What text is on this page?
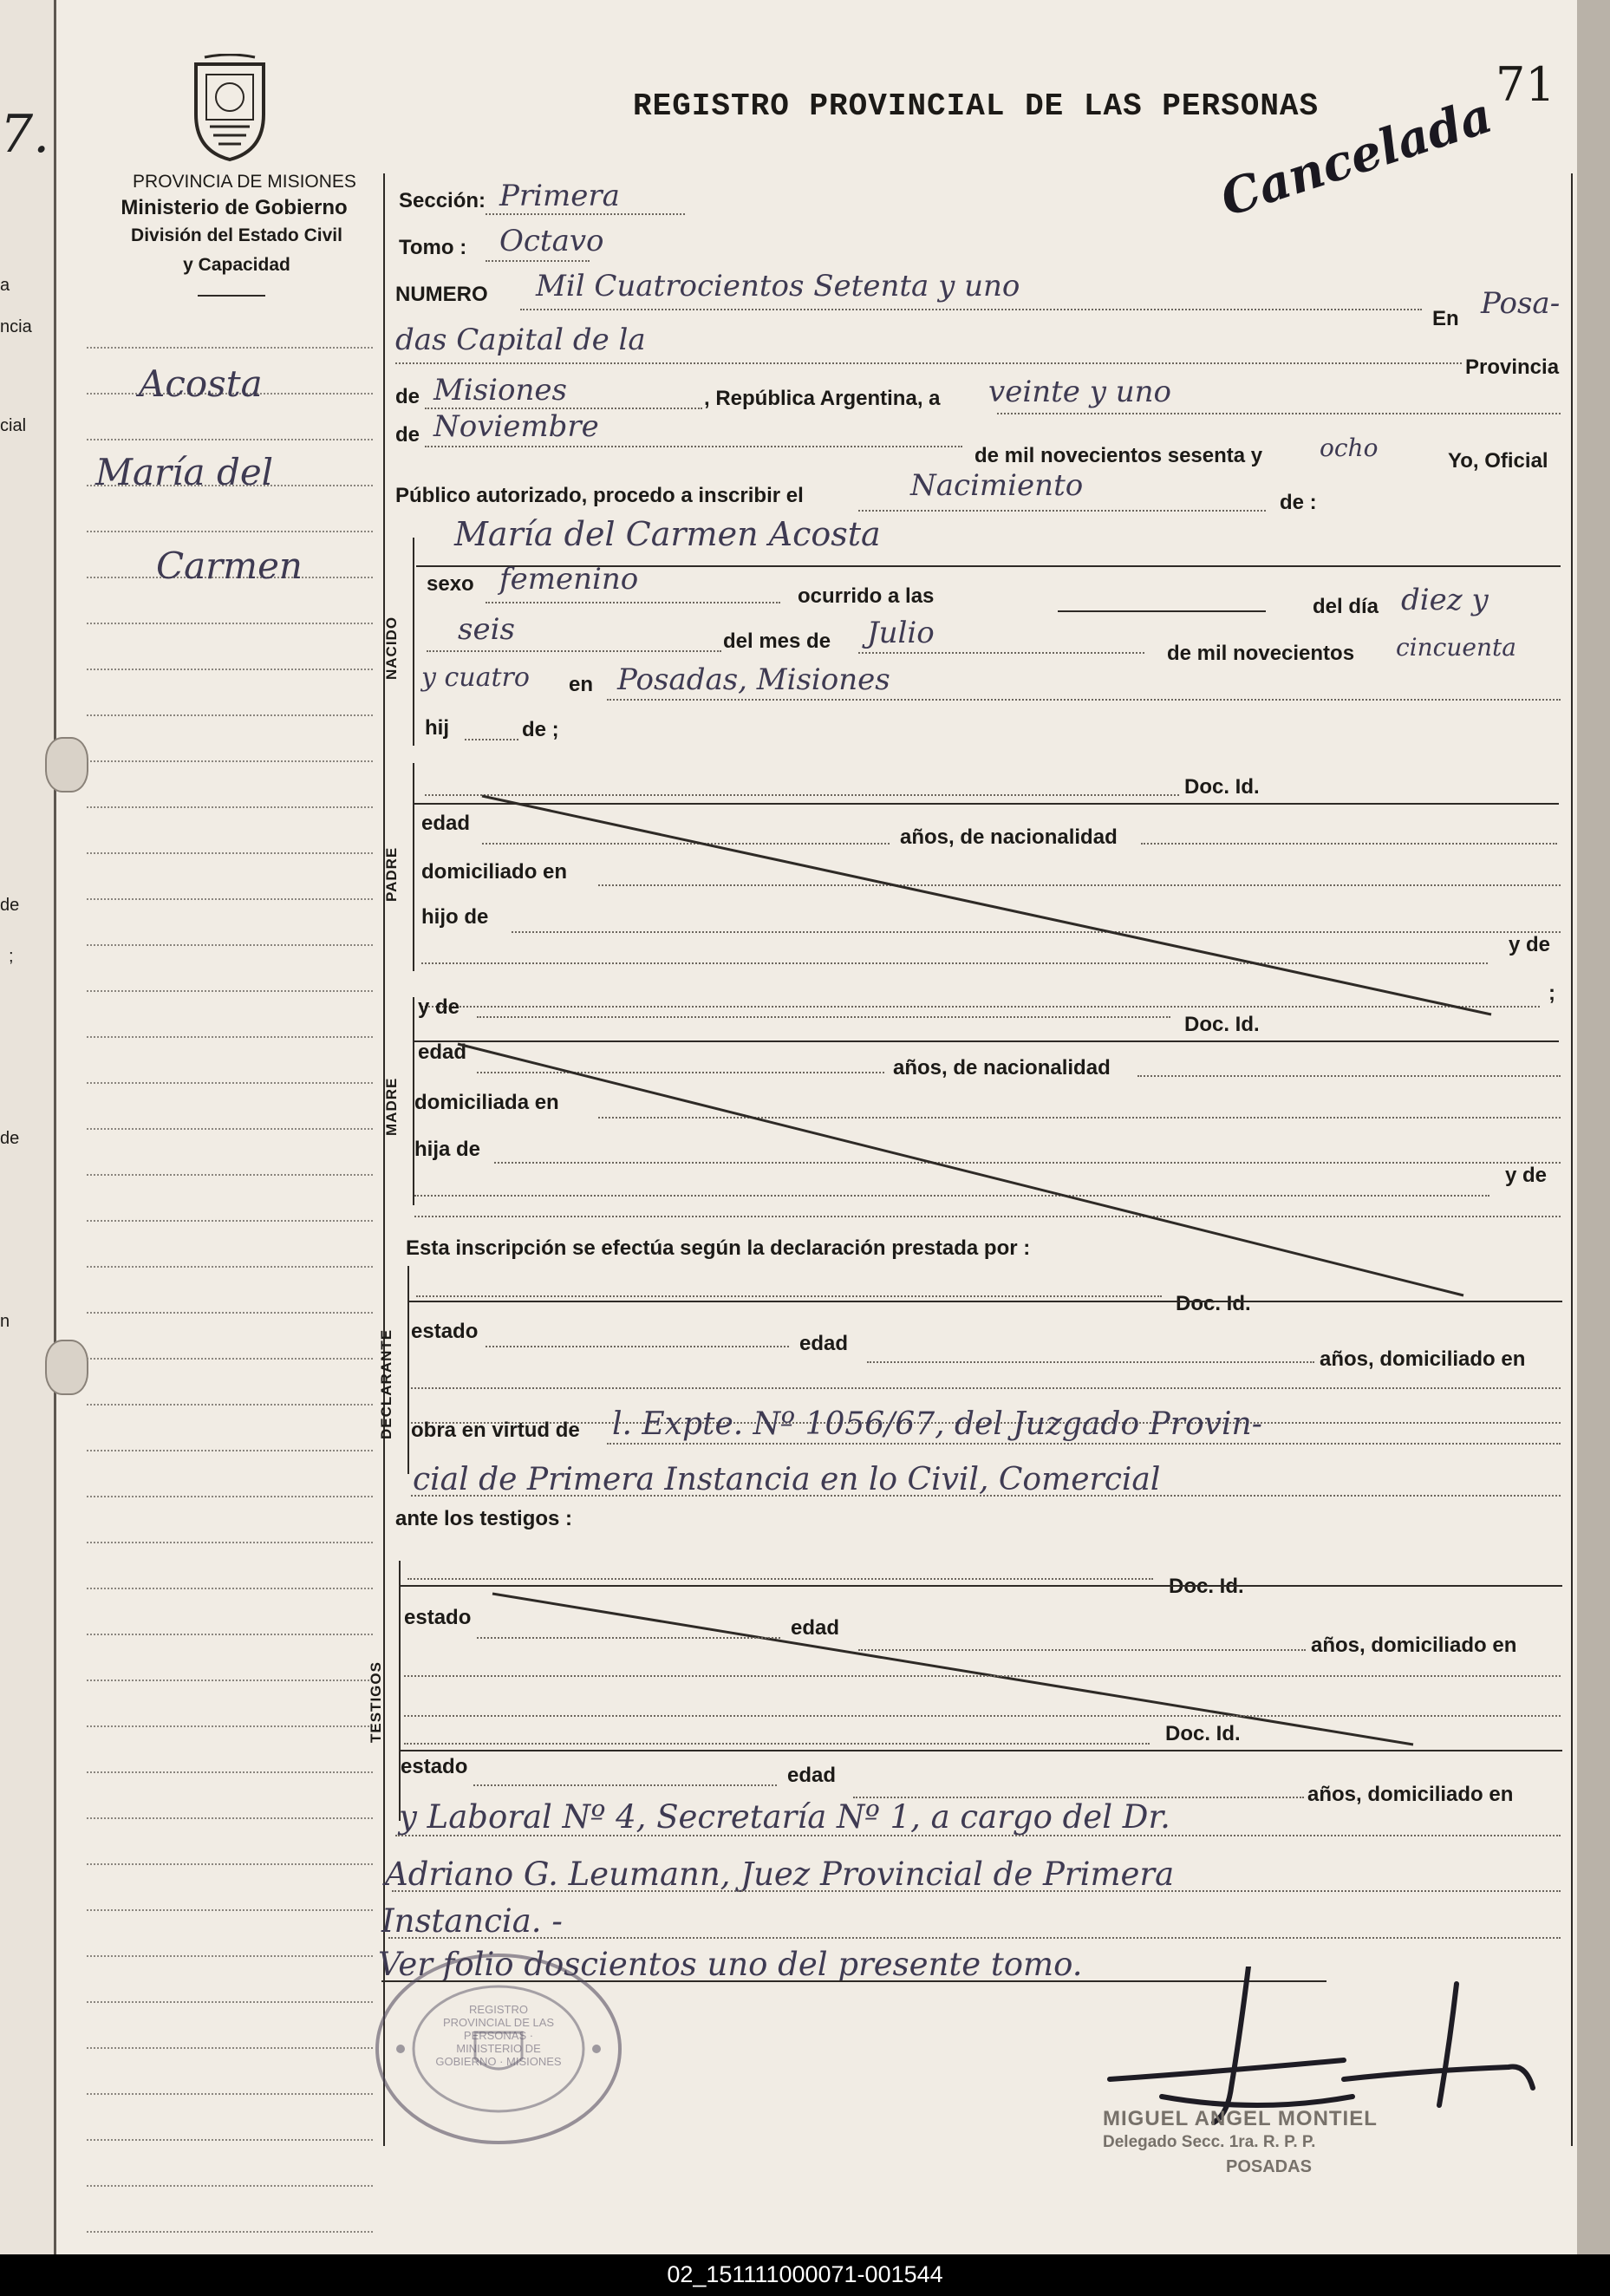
7.
a
ncia
cial
de
;
de
n
PROVINCIA DE MISIONES
Ministerio de Gobierno
División del Estado Civil
y Capacidad
Acosta
María del
Carmen
REGISTRO PROVINCIAL DE LAS PERSONAS	71
Cancelada
Sección: Primera
Tomo : Octavo
NUMERO Mil Cuatrocientos Setenta y uno
En Posa-
das Capital de la
Provincia
de Misiones	, República Argentina, a veinte y uno
de Noviembre
de mil novecientos sesenta y ocho	Yo, Oficial
Público autorizado, procedo a inscribir el	Nacimiento	de :
María del Carmen Acosta
NACIDO
sexo femenino	ocurrido a las	del día diez y
seis	del mes de Julio
de mil novecientos cincuenta
y cuatro en Posadas, Misiones
hij	de ;
PADRE
Doc. Id.
edad
años, de nacionalidad
domiciliado en
hijo de
y de
;
MADRE
y de
Doc. Id.
edad
años, de nacionalidad
domiciliada en
hija de
y de
Esta inscripción se efectúa según la declaración prestada por :
DECLARANTE
Doc. Id.
estado
edad
años, domiciliado en
obra en virtud de l. Expte. Nº 1056/67, del Juzgado Provin-
cial de Primera Instancia en lo Civil, Comercial
ante los testigos :
TESTIGOS
Doc. Id.
estado	edad
años, domiciliado en
Doc. Id.
estado	edad
años, domiciliado en
y Laboral Nº 4, Secretaría Nº 1, a cargo del Dr.
Adriano G. Leumann, Juez Provincial de Primera
Instancia. -
Ver folio doscientos uno del presente tomo.
REGISTRO PROVINCIAL DE LAS PERSONAS · MINISTERIO DE GOBIERNO · MISIONES
MIGUEL ANGEL MONTIEL
Delegado Secc. 1ra. R. P. P.
POSADAS
02_151111000071-001544
